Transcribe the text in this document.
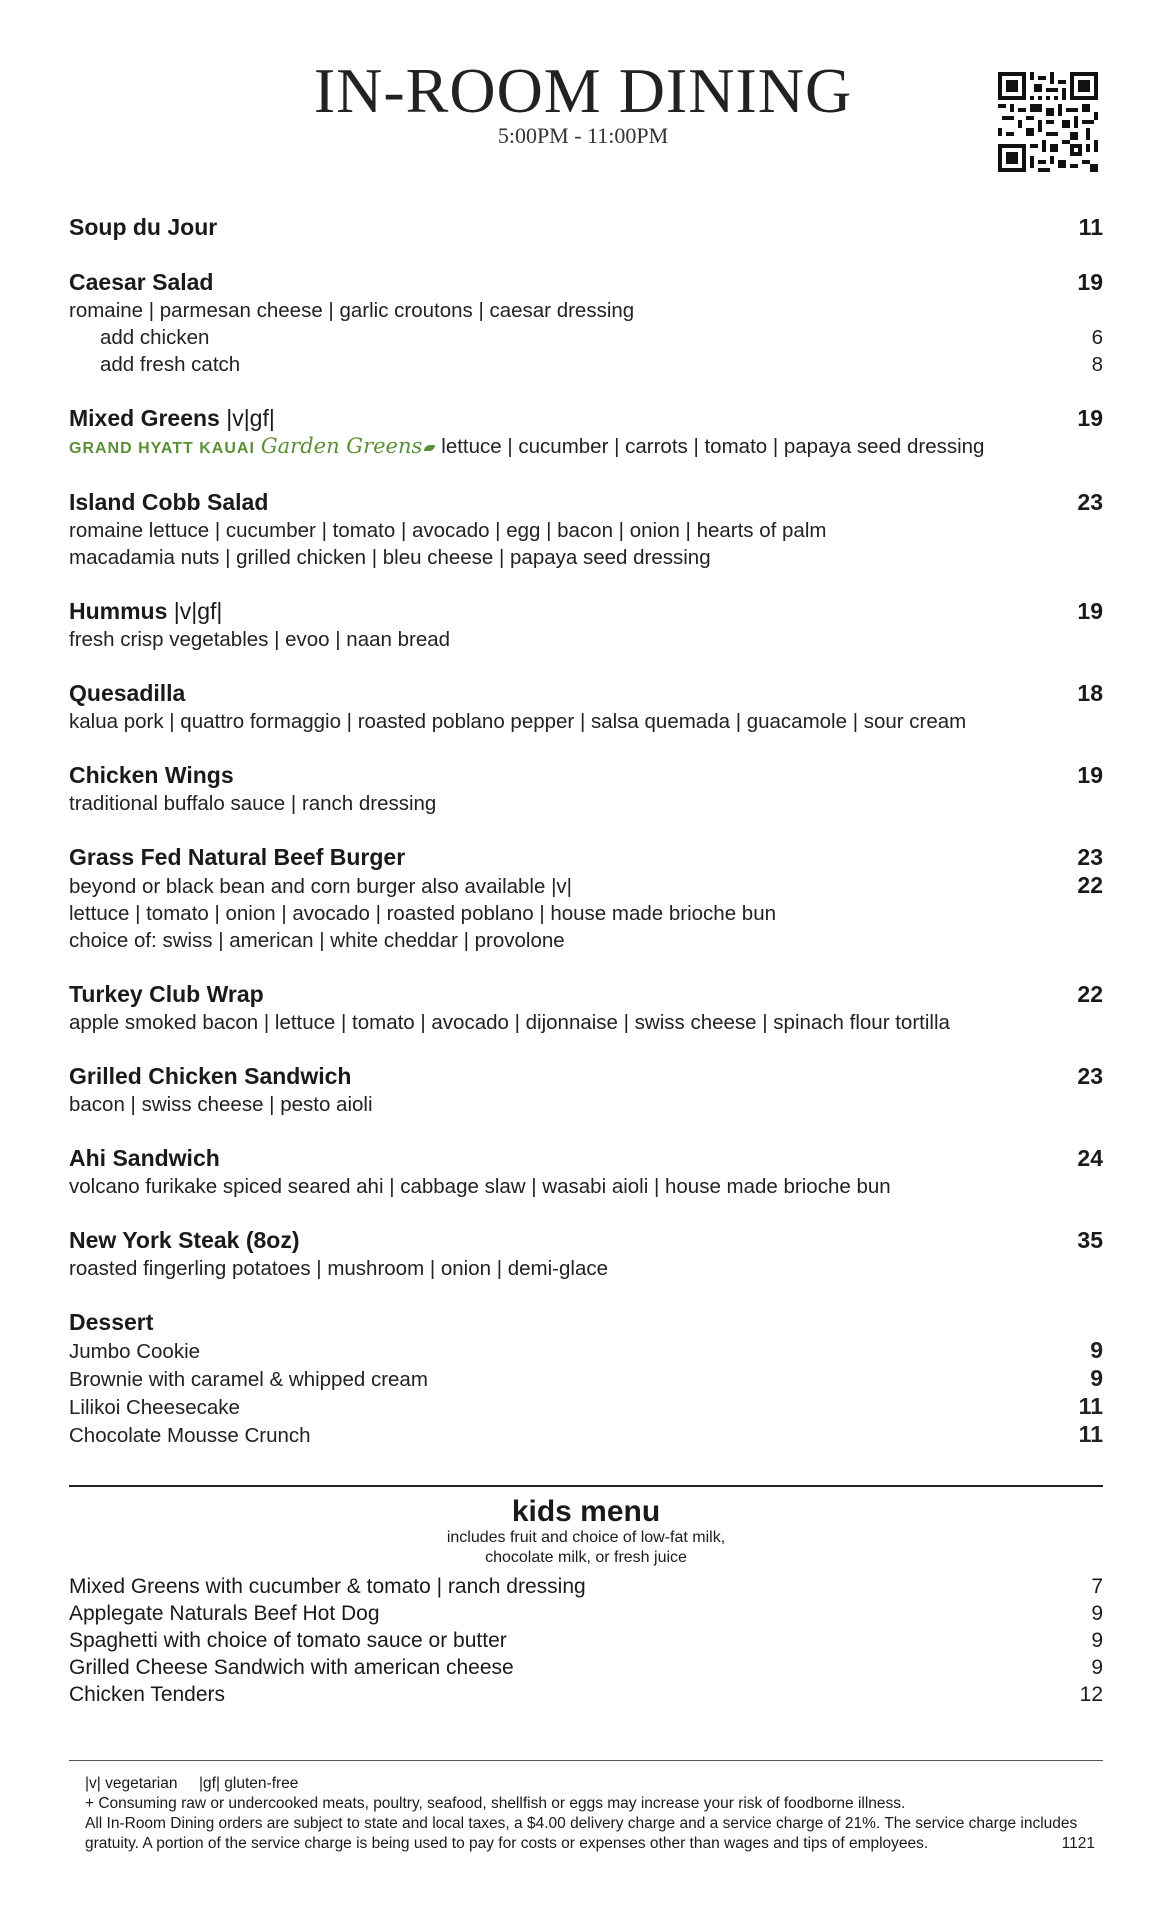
IN-ROOM DINING
5:00PM - 11:00PM
Soup du Jour	11
Caesar Salad	19
romaine | parmesan cheese | garlic croutons | caesar dressing
add chicken	6
add fresh catch	8
Mixed Greens |v|gf|	19
GRAND HYATT KAUAI Garden Greens lettuce | cucumber | carrots | tomato | papaya seed dressing
Island Cobb Salad	23
romaine lettuce | cucumber | tomato | avocado | egg | bacon | onion | hearts of palm
macadamia nuts | grilled chicken | bleu cheese | papaya seed dressing
Hummus |v|gf|	19
fresh crisp vegetables | evoo | naan bread
Quesadilla	18
kalua pork | quattro formaggio | roasted poblano pepper | salsa quemada | guacamole | sour cream
Chicken Wings	19
traditional buffalo sauce | ranch dressing
Grass Fed Natural Beef Burger	23
beyond or black bean and corn burger also available |v|	22
lettuce | tomato | onion | avocado | roasted poblano | house made brioche bun
choice of: swiss | american | white cheddar | provolone
Turkey Club Wrap	22
apple smoked bacon | lettuce | tomato | avocado | dijonnaise | swiss cheese | spinach flour tortilla
Grilled Chicken Sandwich	23
bacon | swiss cheese | pesto aioli
Ahi Sandwich	24
volcano furikake spiced seared ahi | cabbage slaw | wasabi aioli | house made brioche bun
New York Steak (8oz)	35
roasted fingerling potatoes | mushroom | onion | demi-glace
Dessert
Jumbo Cookie	9
Brownie with caramel & whipped cream	9
Lilikoi Cheesecake	11
Chocolate Mousse Crunch	11
kids menu
includes fruit and choice of low-fat milk,
chocolate milk, or fresh juice
Mixed Greens with cucumber & tomato | ranch dressing	7
Applegate Naturals Beef Hot Dog	9
Spaghetti with choice of tomato sauce or butter	9
Grilled Cheese Sandwich with american cheese	9
Chicken Tenders	12
|v| vegetarian     |gf| gluten-free
+ Consuming raw or undercooked meats, poultry, seafood, shellfish or eggs may increase your risk of foodborne illness.
All In-Room Dining orders are subject to state and local taxes, a $4.00 delivery charge and a service charge of 21%. The service charge includes
gratuity. A portion of the service charge is being used to pay for costs or expenses other than wages and tips of employees.	1121
